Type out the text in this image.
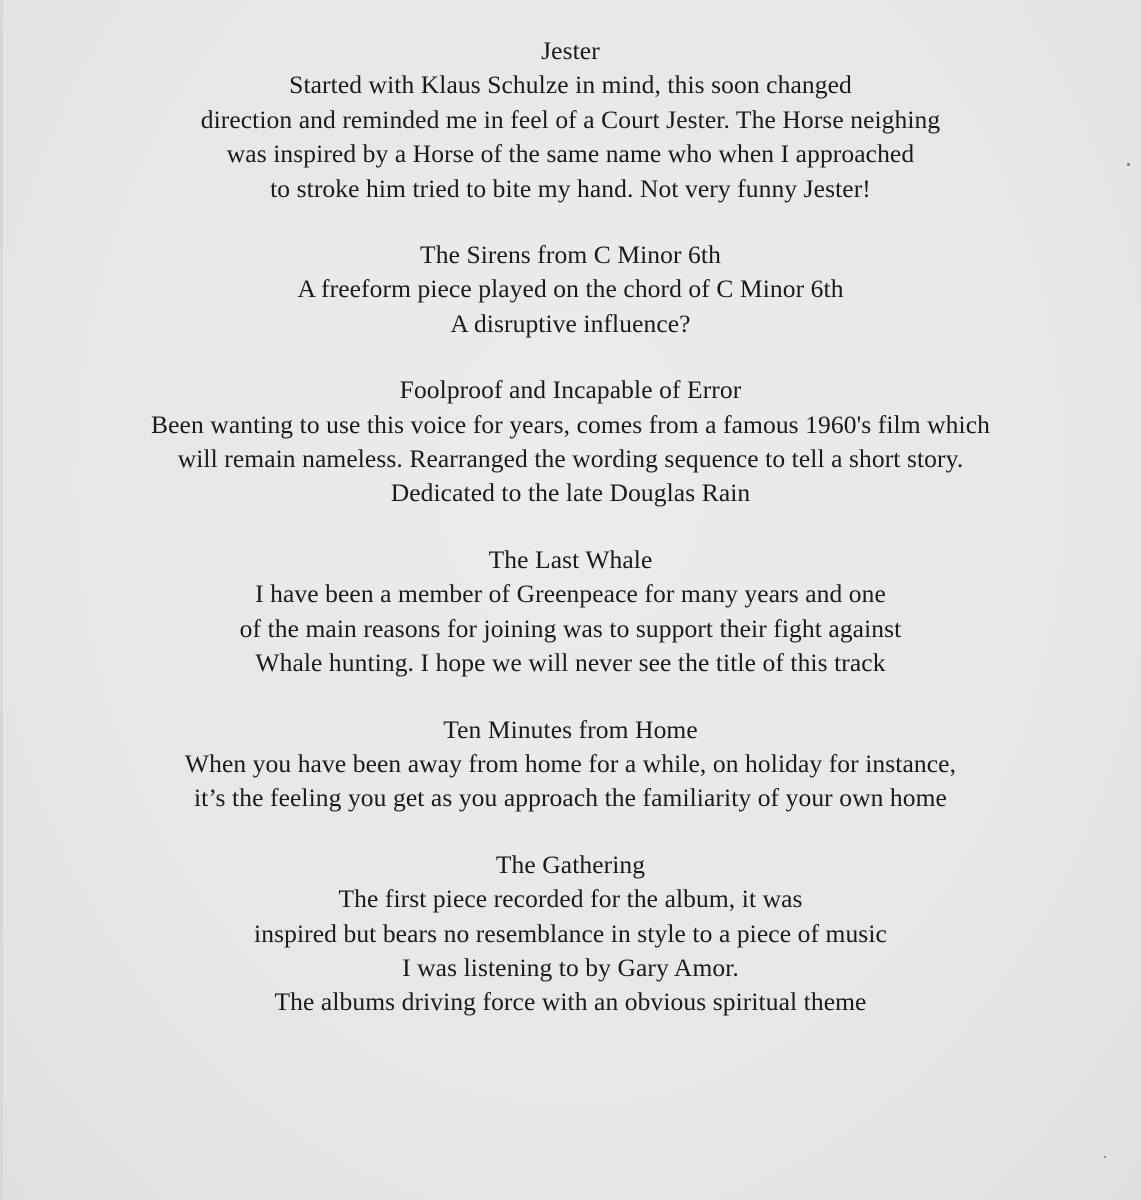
Jester
Started with Klaus Schulze in mind, this soon changed
direction and reminded me in feel of a Court Jester. The Horse neighing
was inspired by a Horse of the same name who when I approached
to stroke him tried to bite my hand. Not very funny Jester!
The Sirens from C Minor 6th
A freeform piece played on the chord of C Minor 6th
A disruptive influence?
Foolproof and Incapable of Error
Been wanting to use this voice for years, comes from a famous 1960's film which
will remain nameless. Rearranged the wording sequence to tell a short story.
Dedicated to the late Douglas Rain
The Last Whale
I have been a member of Greenpeace for many years and one
of the main reasons for joining was to support their fight against
Whale hunting. I hope we will never see the title of this track
Ten Minutes from Home
When you have been away from home for a while, on holiday for instance,
it’s the feeling you get as you approach the familiarity of your own home
The Gathering
The first piece recorded for the album, it was
inspired but bears no resemblance in style to a piece of music
I was listening to by Gary Amor.
The albums driving force with an obvious spiritual theme
